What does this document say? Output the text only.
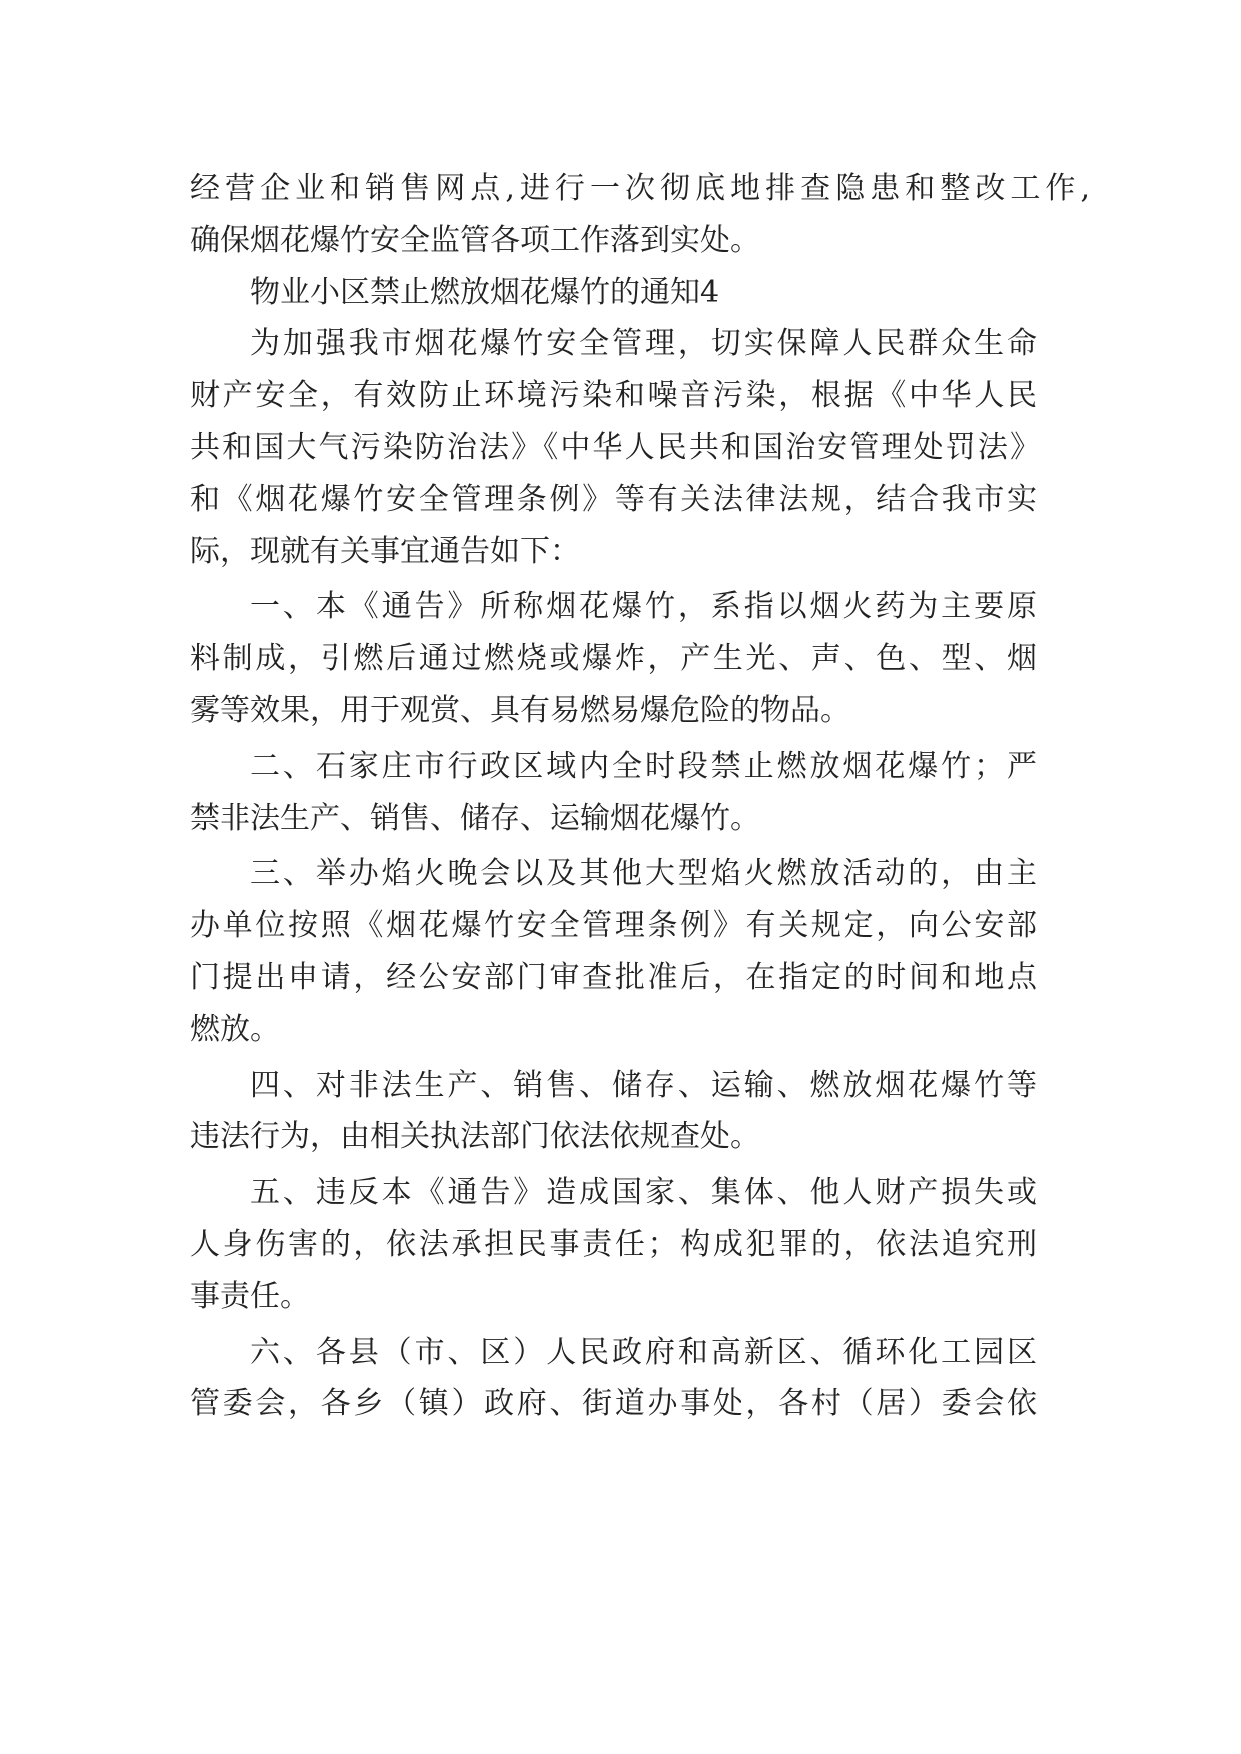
经营企业和销售网点,进行一次彻底地排查隐患和整改工作,
确保烟花爆竹安全监管各项工作落到实处。
物业小区禁止燃放烟花爆竹的通知4
为加强我市烟花爆竹安全管理，切实保障人民群众生命
财产安全，有效防止环境污染和噪音污染，根据《中华人民
共和国大气污染防治法》《中华人民共和国治安管理处罚法》
和《烟花爆竹安全管理条例》等有关法律法规，结合我市实
际，现就有关事宜通告如下：
一、本《通告》所称烟花爆竹，系指以烟火药为主要原
料制成，引燃后通过燃烧或爆炸，产生光、声、色、型、烟
雾等效果，用于观赏、具有易燃易爆危险的物品。
二、石家庄市行政区域内全时段禁止燃放烟花爆竹；严
禁非法生产、销售、储存、运输烟花爆竹。
三、举办焰火晚会以及其他大型焰火燃放活动的，由主
办单位按照《烟花爆竹安全管理条例》有关规定，向公安部
门提出申请，经公安部门审查批准后，在指定的时间和地点
燃放。
四、对非法生产、销售、储存、运输、燃放烟花爆竹等
违法行为，由相关执法部门依法依规查处。
五、违反本《通告》造成国家、集体、他人财产损失或
人身伤害的，依法承担民事责任；构成犯罪的，依法追究刑
事责任。
六、各县（市、区）人民政府和高新区、循环化工园区
管委会，各乡（镇）政府、街道办事处，各村（居）委会依
